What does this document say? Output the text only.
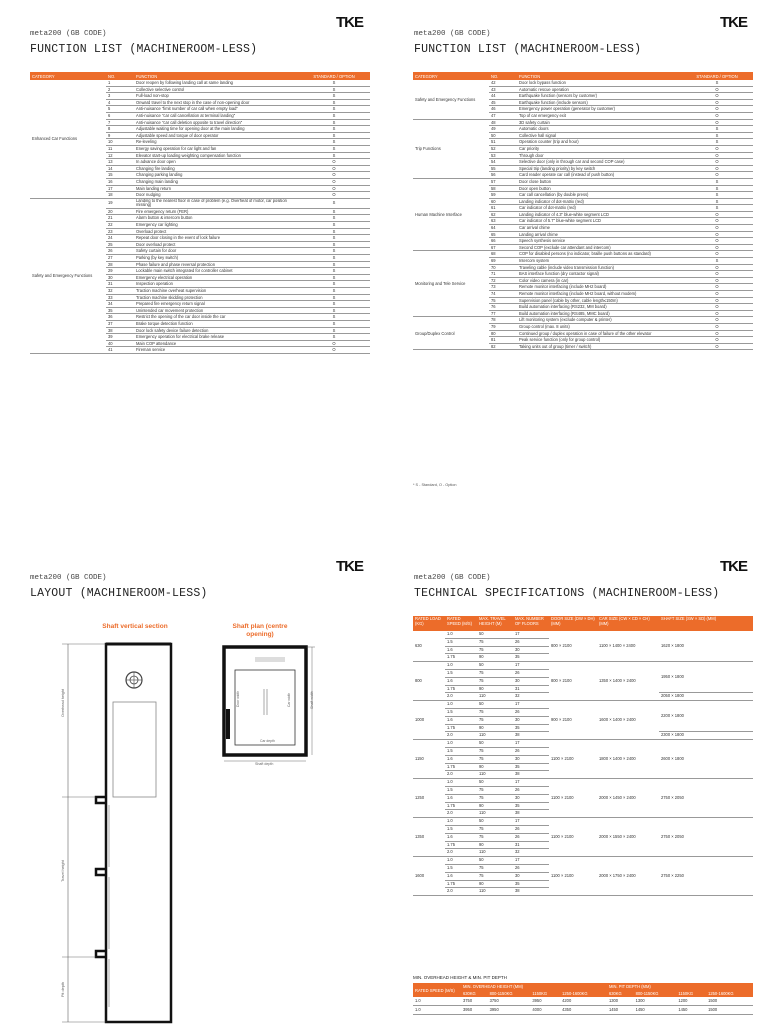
meta200 (GB CODE)
FUNCTION LIST (MACHINEROOM-LESS)
TKE
CATEGORY	NO.	FUNCTION	STANDARD / OPTION
Enhanced Car Functions	1	Door reopen by following landing call at same landing	S
	2	Collective selective control	S
	3	Full-load non-stop	S
	4	Onward travel to the next stop in the case of non-opening door	S
	5	Anti-nuisance "limit number of car call when empty load"	S
	6	Anti-nuisance "car call cancellation at terminal landing"	S
	7	Anti-nuisance "car call deletion opposite to travel direction"	S
	8	Adjustable waiting time for opening door at the main landing	S
	9	Adjustable speed and torque of door operator	S
	10	Re-leveling	S
	11	Energy saving operation for car light and fan	S
	12	Elevator start-up loading weighting compensation function	S
	13	In advance door open	O
	14	Changing fire landing	O
	15	Changing parking landing	O
	16	Changing main landing	O
	17	Main landing return	O
	18	Door nudging	O
Safety and Emergency Functions	19	Landing to the nearest floor in case of problem (e.g. Overheat of motor, car position missing)	S
	20	Fire emergency return (FER)	S
	21	Alarm button & intercom button	S
	22	Emergency car lighting	S
	23	Overload protect	S
	24	Repeat door closing in the event of lock failure	S
	25	Door overload protect	S
	26	Safety curtain for door	S
	27	Parking (by key switch)	S
	28	Phase failure and phase reversal protection	S
	29	Lockable main switch integrated for controller cabinet	S
	30	Emergency electrical operation	S
	31	Inspection operation	S
	32	Traction machine overheat supervision	S
	33	Traction machine skidding protection	S
	34	Prepared fire emergency return signal	S
	35	Unintended car movement protection	S
	36	Restrict the opening of the car door inside the car	S
	37	Brake torque detection function	S
	38	Door lock safety device failure detection	S
	39	Emergency operation for electrical brake release	S
	40	Main COP attendance	O
	41	Fireman service	O
meta200 (GB CODE)
FUNCTION LIST (MACHINEROOM-LESS)
TKE
CATEGORY	NO.	FUNCTION	STANDARD / OPTION
Safety and Emergency Functions	42	Door lock bypass function	S
	43	Automatic rescue operation	O
	44	Earthquake function (sensors by customer)	O
	45	Earthquake function (include sensors)	O
	46	Emergency power operation (generator by customer)	O
	47	Top of car emergency exit	O
Trip Functions	48	3D safety curtain	O
	49	Automatic doors	S
	50	Collective hall signal	S
	51	Operation counter (trip and hour)	S
	52	Car priority	O
	53	Through door	O
	54	Selective door (only in through car and second COP case)	O
	55	Special trip (landing priority) by key switch	O
	56	Card reader operate car call (instead of push button)	O
Human Machine Interface	57	Door close button	S
	58	Door open button	S
	59	Car call cancellation (by double press)	S
	60	Landing indicator of dot-matrix (red)	S
	61	Car indicator of dot-matrix (red)	S
	62	Landing indicator of 4.3" blue-white segment LCD	O
	63	Car indicator of 5.7" blue-white segment LCD	O
	64	Car arrival chime	O
	65	Landing arrival chime	O
	66	Speech synthesis service	O
	67	Second COP (exclude car attendant and intercom)	O
Monitoring and Tele Service	68	COP for disabled persons (no indicator, braille push buttons as standard)	O
	69	Intercom system	S
	70	Traveling cable (include video transmission function)	O
	71	BAS interface function (dry contactor signal)	O
	72	Color video camera (in car)	O
	73	Remote monitor interfacing (include MH2 board)	O
	74	Remote monitor interfacing (include MH2 board, without modem)	O
	75	Supervision panel (cable by other, cable length≤150m)	O
	76	Build automation interfacing (RS232, MM board)	O
	77	Build automation interfacing (RS485, MMC board)	O
Group/Duplex Control	78	Lift monitoring system (exclude computer & printer)	O
	79	Group control (max. 8 units)	O
	80	Continued group / duplex operation in case of failure of the other elevator	O
	81	Peak service function (only for group control)	O
	82	Taking units out of group (timer / switch)	O
* S - Standard, O - Option
meta200 (GB CODE)
LAYOUT (MACHINEROOM-LESS)
TKE
Shaft vertical section	Shaft plan (centre opening)
Overhead height
Travel height
Pit depth
Shaft width
Shaft depth
Car depth
Car width
Door width
meta200 (GB CODE)
TECHNICAL SPECIFICATIONS (MACHINEROOM-LESS)
TKE
RATED LOAD (KG)	RATED SPEED (M/S)	MAX. TRAVEL HEIGHT (M)	MAX. NUMBER OF FLOORS	DOOR SIZE (DW × DH) (MM)	CAR SIZE (CW × CD × CH) (MM)	SHAFT SIZE (SW × SD) (MM)
630	1.0	50	17	800 × 2100	1100 × 1400 × 2400	1620 × 1800
	1.5	75	26			
	1.6	75	30			
	1.75	90	35			
800	1.0	50	17	800 × 2100	1350 × 1400 × 2400	1950 × 1800
	1.5	75	26			
	1.6	75	30			
	1.75	90	31			
	2.0	110	32			2050 × 1800
1000	1.0	50	17	900 × 2100	1600 × 1400 × 2400	2200 × 1800
	1.5	75	26			
	1.6	75	30			
	1.75	90	35			
	2.0	110	38			2300 × 1800
1150	1.0	50	17	1100 × 2100	1800 × 1400 × 2400	2600 × 1800
	1.5	75	26			
	1.6	75	30			
	1.75	90	35			
	2.0	110	38			
1250	1.0	50	17	1100 × 2100	2000 × 1450 × 2400	2750 × 2050
	1.5	75	26			
	1.6	75	30			
	1.75	90	35			
	2.0	110	38			
1350	1.0	50	17	1100 × 2100	2000 × 1550 × 2400	2750 × 2050
	1.5	75	26			
	1.6	75	26			
	1.75	90	31			
	2.0	110	32			
1600	1.0	50	17	1100 × 2100	2000 × 1750 × 2400	2750 × 2250
	1.5	75	26			
	1.6	75	30			
	1.75	90	35			
	2.0	110	38			
MIN. OVERHEAD HEIGHT & MIN. PIT DEPTH
RATED SPEED (M/S)	MIN. OVERHEAD HEIGHT (MM)				MIN. PIT DEPTH (MM)			
	630KG	800-1150KG	1150KG	1250-1600KG	630KG	800-1150KG	1150KG	1250-1600KG
1.0	3750	3750	3950	4200	1300	1300	1200	1500
1.0	3950	3950	4000	4350	1450	1450	1450	1500
